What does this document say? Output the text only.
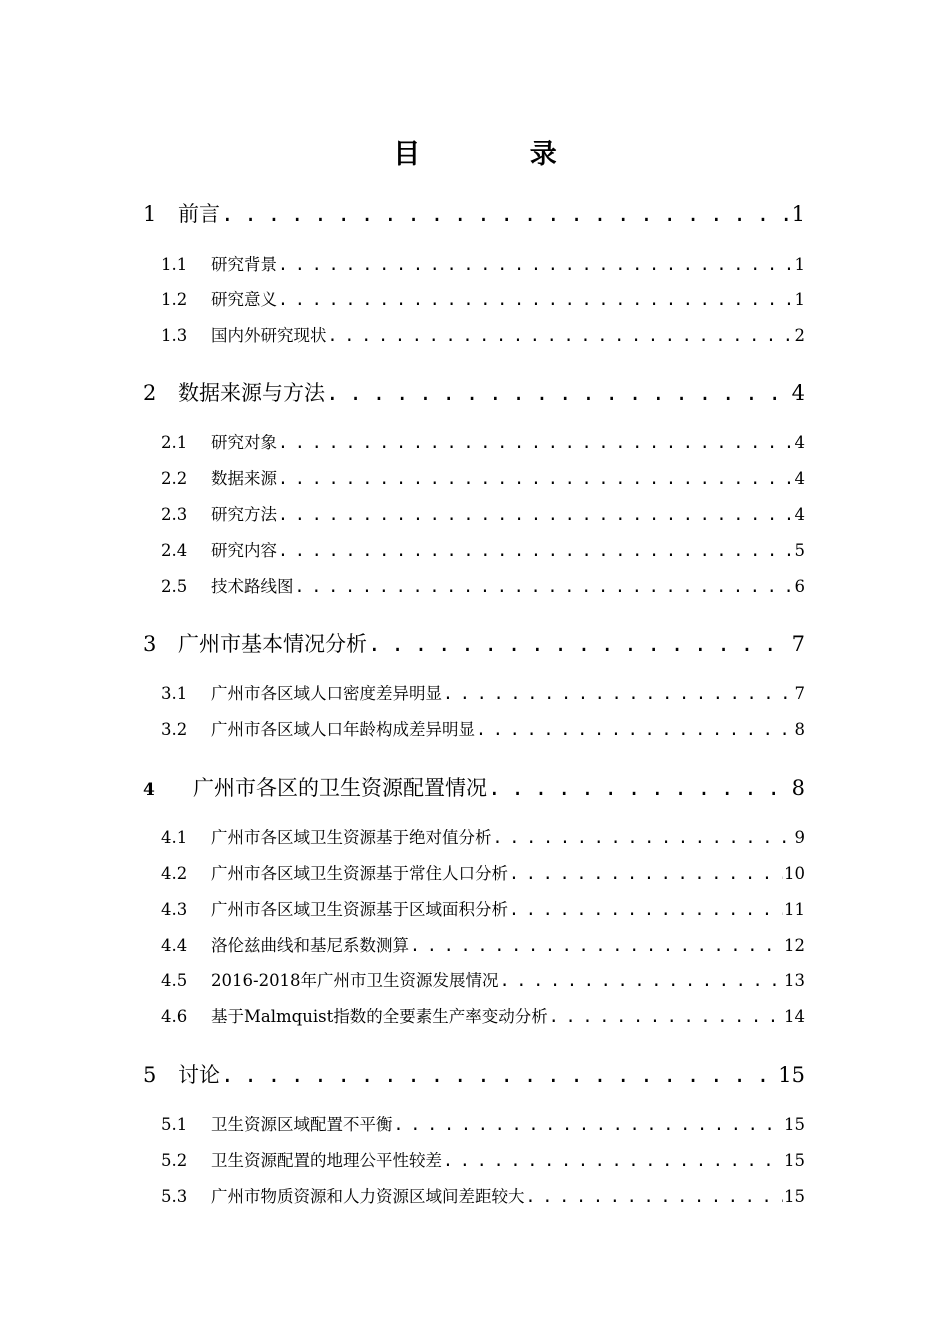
目 录
1	前言 . . .	1
1.1	研究背景 . . .	1
1.2	研究意义 . . .	1
1.3	国内外研究现状 . . .	2
2	数据来源与方法 . . .	4
2.1	研究对象 . . .	4
2.2	数据来源 . . .	4
2.3	研究方法 . . .	4
2.4	研究内容 . . .	5
2.5	技术路线图 . . .	6
3	广州市基本情况分析 . . .	7
3.1	广州市各区域人口密度差异明显 . . .	7
3.2	广州市各区域人口年龄构成差异明显 . . .	8
4	广州市各区的卫生资源配置情况 . . .	8
4.1	广州市各区域卫生资源基于绝对值分析 . . .	9
4.2	广州市各区域卫生资源基于常住人口分析 . . .	10
4.3	广州市各区域卫生资源基于区域面积分析 . . .	11
4.4	洛伦兹曲线和基尼系数测算 . . .	12
4.5	2016-2018年广州市卫生资源发展情况 . . .	13
4.6	基于Malmquist指数的全要素生产率变动分析 . . .	14
5	讨论 . . .	15
5.1	卫生资源区域配置不平衡 . . .	15
5.2	卫生资源配置的地理公平性较差 . . .	15
5.3	广州市物质资源和人力资源区域间差距较大 . . .	15
